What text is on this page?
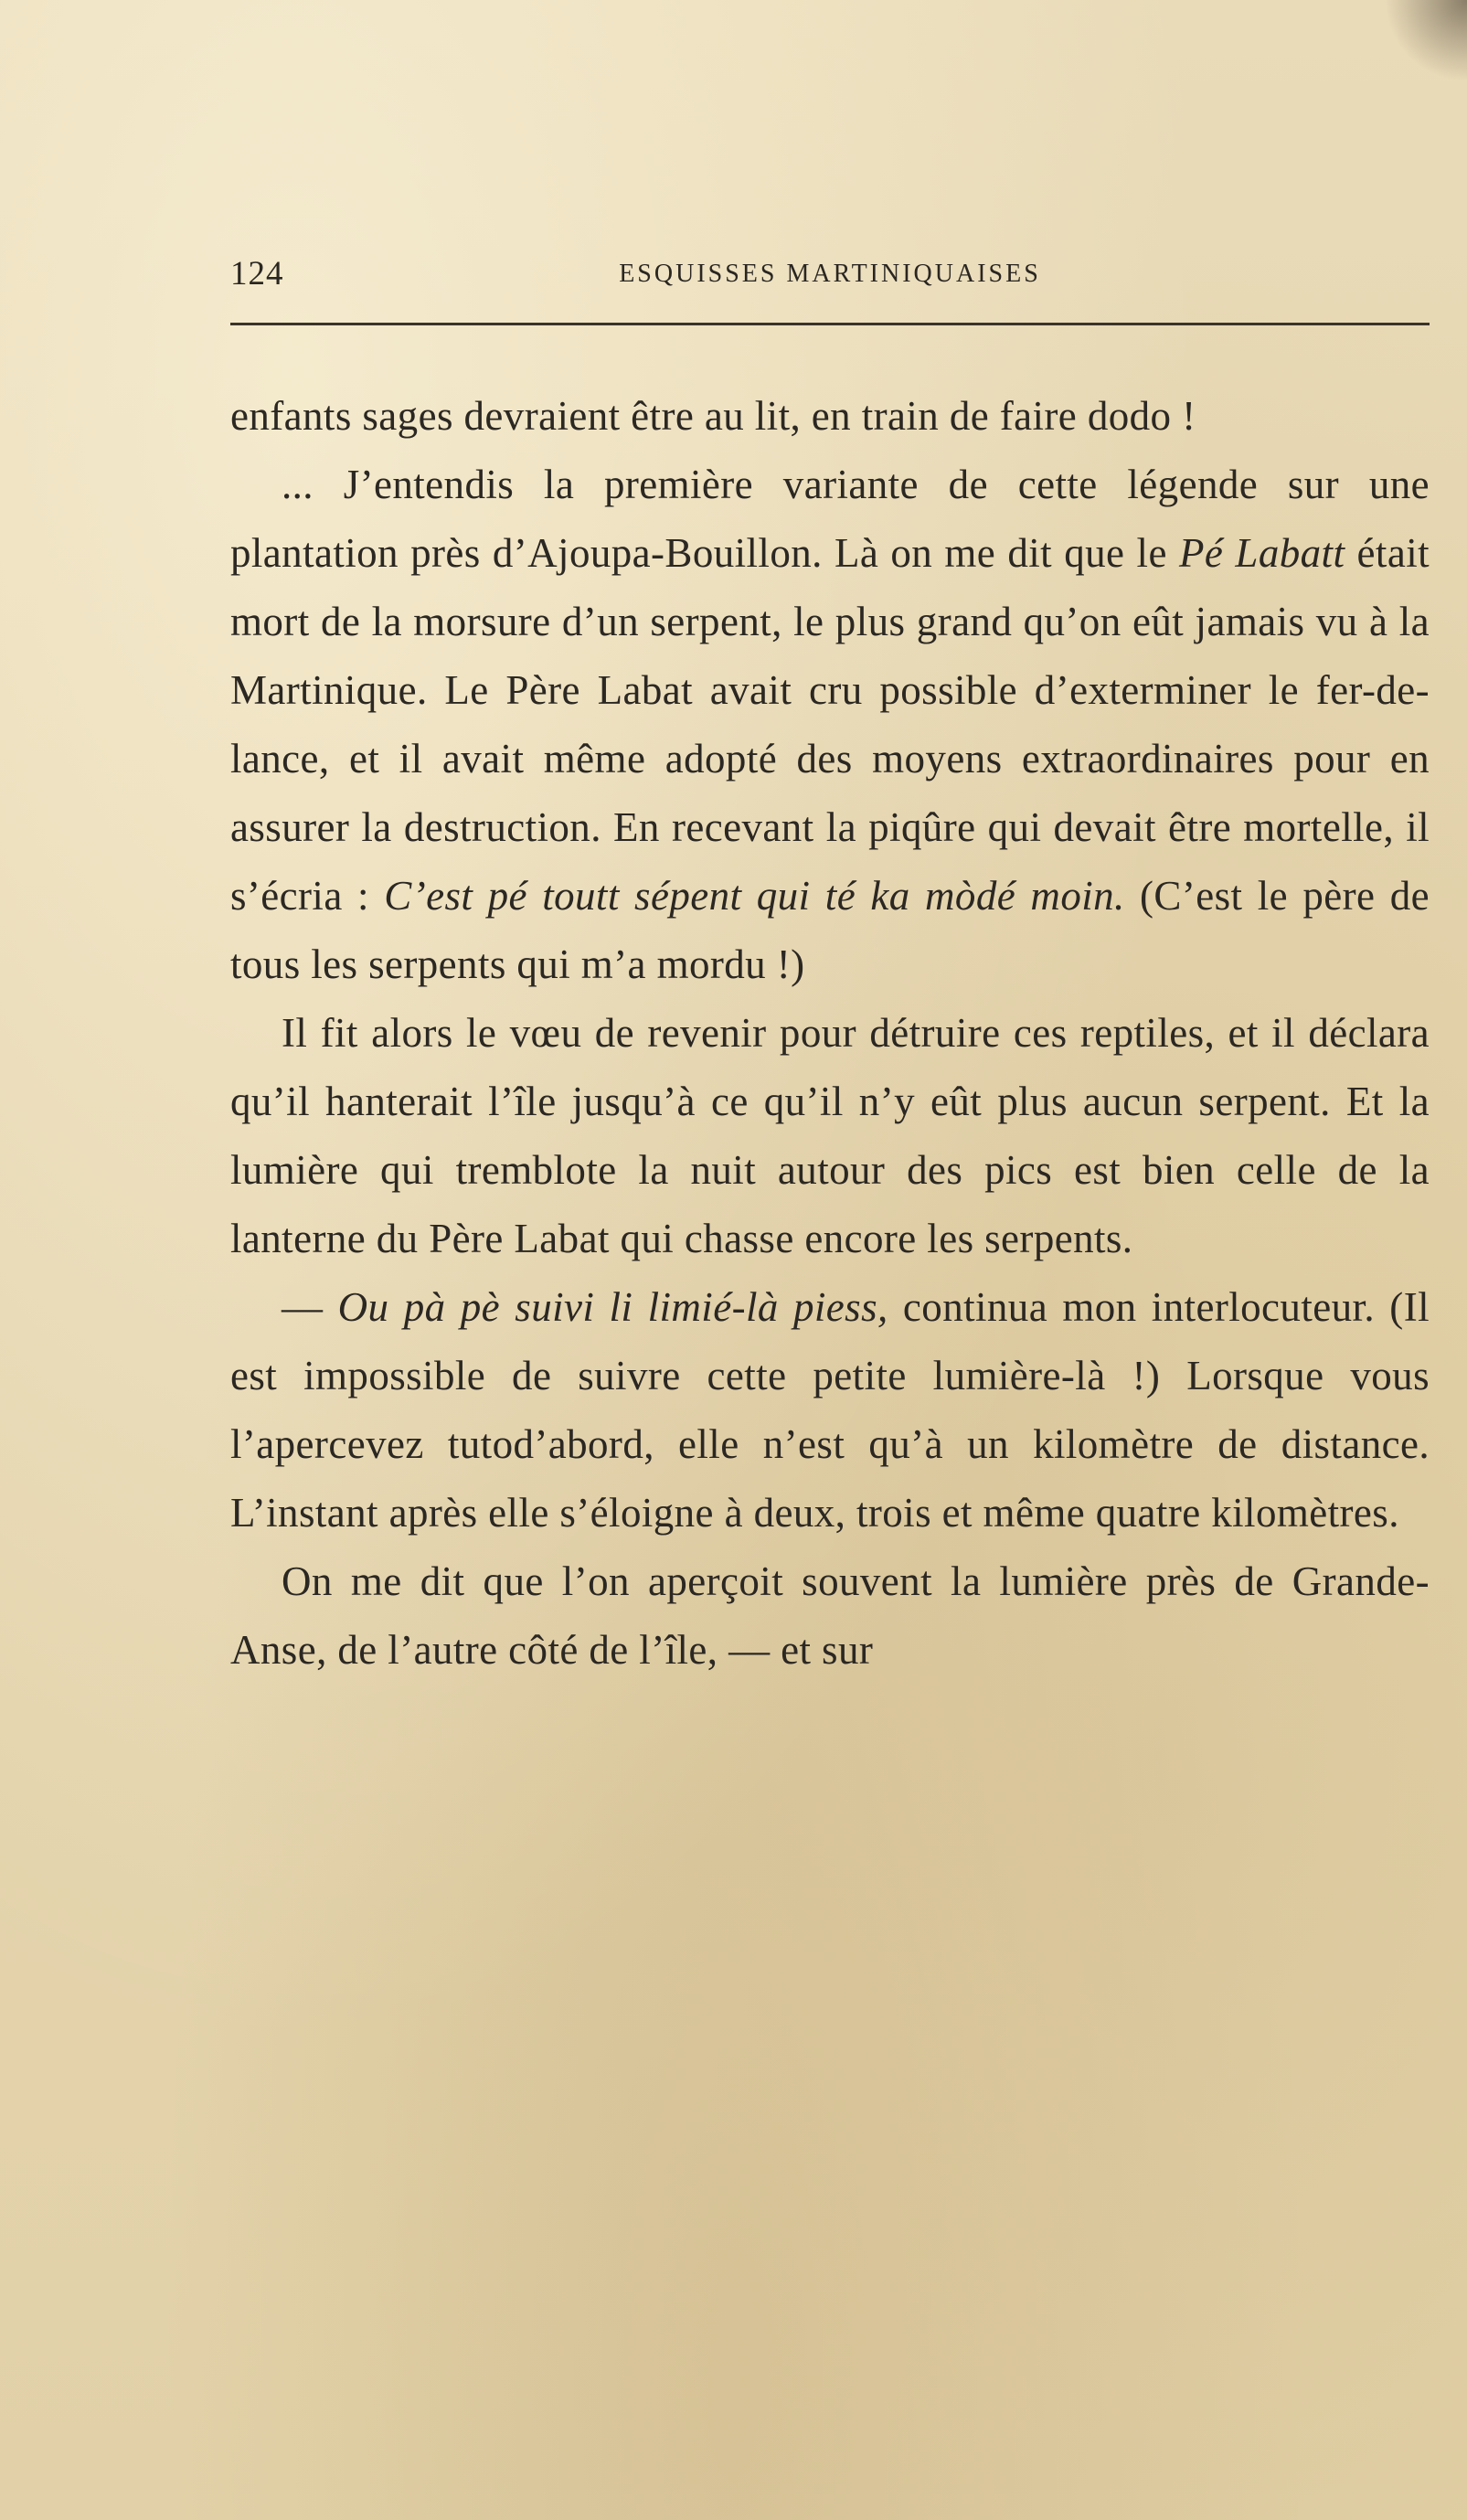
124	ESQUISSES MARTINIQUAISES

enfants sages devraient être au lit, en train de faire dodo !

... J’entendis la première variante de cette légende sur une plantation près d’Ajoupa-Bouillon. Là on me dit que le Pé Labatt était mort de la morsure d’un serpent, le plus grand qu’on eût jamais vu à la Martinique. Le Père Labat avait cru possible d’exterminer le fer-de-lance, et il avait même adopté des moyens extraordinaires pour en assurer la destruction. En recevant la piqûre qui devait être mortelle, il s’écria : C’est pé toutt sépent qui té ka mòdé moin. (C’est le père de tous les serpents qui m’a mordu !)

Il fit alors le vœu de revenir pour détruire ces reptiles, et il déclara qu’il hanterait l’île jusqu’à ce qu’il n’y eût plus aucun serpent. Et la lumière qui tremblote la nuit autour des pics est bien celle de la lanterne du Père Labat qui chasse encore les serpents.

— Ou pà pè suivi li limié-là piess, continua mon interlocuteur. (Il est impossible de suivre cette petite lumière-là !) Lorsque vous l’apercevez tutod’abord, elle n’est qu’à un kilomètre de distance. L’instant après elle s’éloigne à deux, trois et même quatre kilomètres.

On me dit que l’on aperçoit souvent la lumière près de Grande-Anse, de l’autre côté de l’île, — et sur
